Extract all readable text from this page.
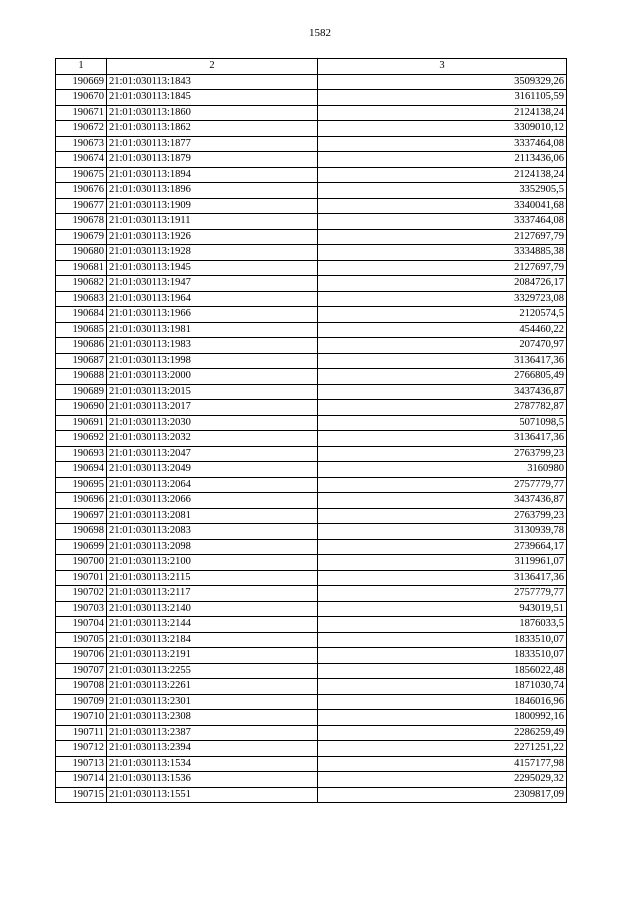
1582
1	2	3
190669	21:01:030113:1843	3509329,26
190670	21:01:030113:1845	3161105,59
190671	21:01:030113:1860	2124138,24
190672	21:01:030113:1862	3309010,12
190673	21:01:030113:1877	3337464,08
190674	21:01:030113:1879	2113436,06
190675	21:01:030113:1894	2124138,24
190676	21:01:030113:1896	3352905,5
190677	21:01:030113:1909	3340041,68
190678	21:01:030113:1911	3337464,08
190679	21:01:030113:1926	2127697,79
190680	21:01:030113:1928	3334885,38
190681	21:01:030113:1945	2127697,79
190682	21:01:030113:1947	2084726,17
190683	21:01:030113:1964	3329723,08
190684	21:01:030113:1966	2120574,5
190685	21:01:030113:1981	454460,22
190686	21:01:030113:1983	207470,97
190687	21:01:030113:1998	3136417,36
190688	21:01:030113:2000	2766805,49
190689	21:01:030113:2015	3437436,87
190690	21:01:030113:2017	2787782,87
190691	21:01:030113:2030	5071098,5
190692	21:01:030113:2032	3136417,36
190693	21:01:030113:2047	2763799,23
190694	21:01:030113:2049	3160980
190695	21:01:030113:2064	2757779,77
190696	21:01:030113:2066	3437436,87
190697	21:01:030113:2081	2763799,23
190698	21:01:030113:2083	3130939,78
190699	21:01:030113:2098	2739664,17
190700	21:01:030113:2100	3119961,07
190701	21:01:030113:2115	3136417,36
190702	21:01:030113:2117	2757779,77
190703	21:01:030113:2140	943019,51
190704	21:01:030113:2144	1876033,5
190705	21:01:030113:2184	1833510,07
190706	21:01:030113:2191	1833510,07
190707	21:01:030113:2255	1856022,48
190708	21:01:030113:2261	1871030,74
190709	21:01:030113:2301	1846016,96
190710	21:01:030113:2308	1800992,16
190711	21:01:030113:2387	2286259,49
190712	21:01:030113:2394	2271251,22
190713	21:01:030113:1534	4157177,98
190714	21:01:030113:1536	2295029,32
190715	21:01:030113:1551	2309817,09
